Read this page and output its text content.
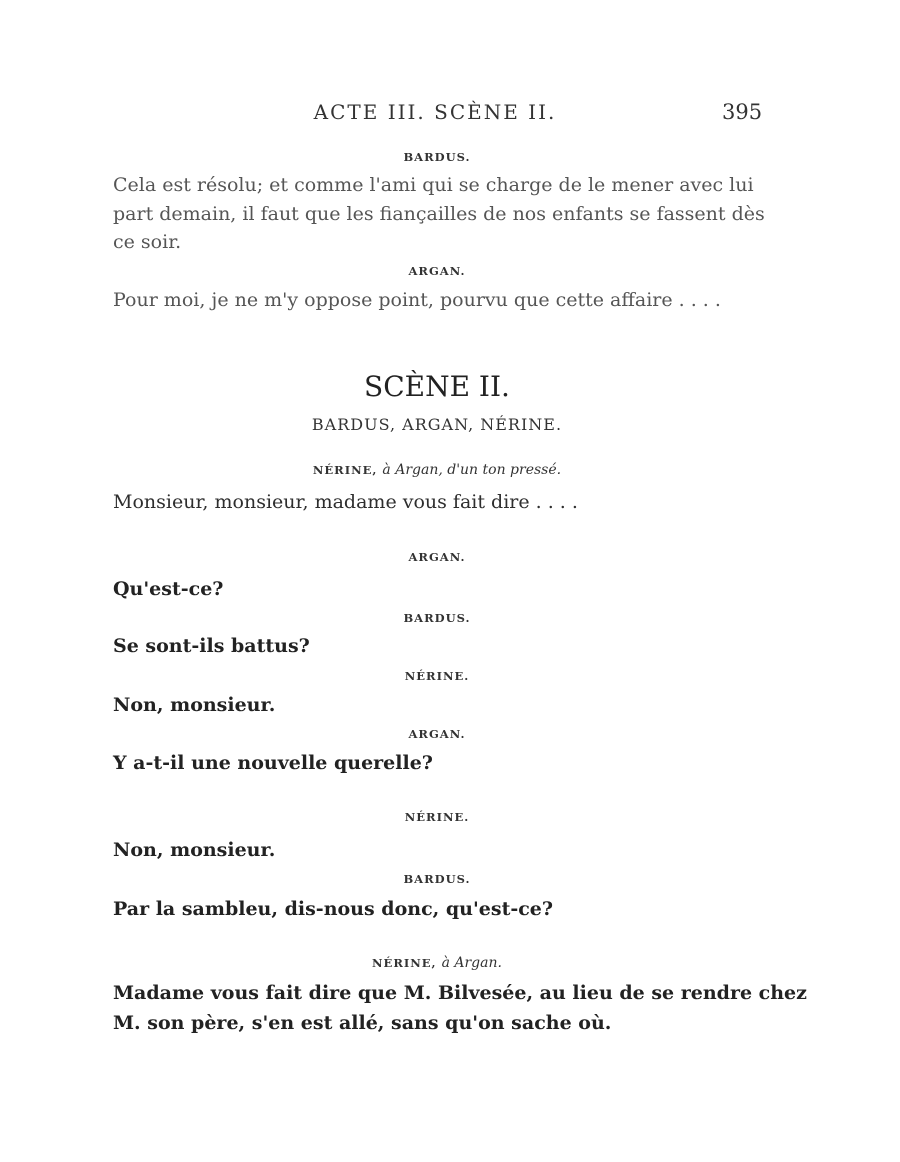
ACTE III. SCÈNE II.	395
BARDUS.
Cela est résolu; et comme l'ami qui se charge de le mener avec lui
part demain, il faut que les fiançailles de nos enfants se fassent dès
ce soir.
ARGAN.
Pour moi, je ne m'y oppose point, pourvu que cette affaire . . . .
SCÈNE II.
BARDUS, ARGAN, NÉRINE.
NÉRINE, à Argan, d'un ton pressé.
Monsieur, monsieur, madame vous fait dire . . . .
ARGAN.
Qu'est-ce?
BARDUS.
Se sont-ils battus?
NÉRINE.
Non, monsieur.
ARGAN.
Y a-t-il une nouvelle querelle?
NÉRINE.
Non, monsieur.
BARDUS.
Par la sambleu, dis-nous donc, qu'est-ce?
NÉRINE, à Argan.
Madame vous fait dire que M. Bilvesée, au lieu de se rendre chez
M. son père, s'en est allé, sans qu'on sache où.
